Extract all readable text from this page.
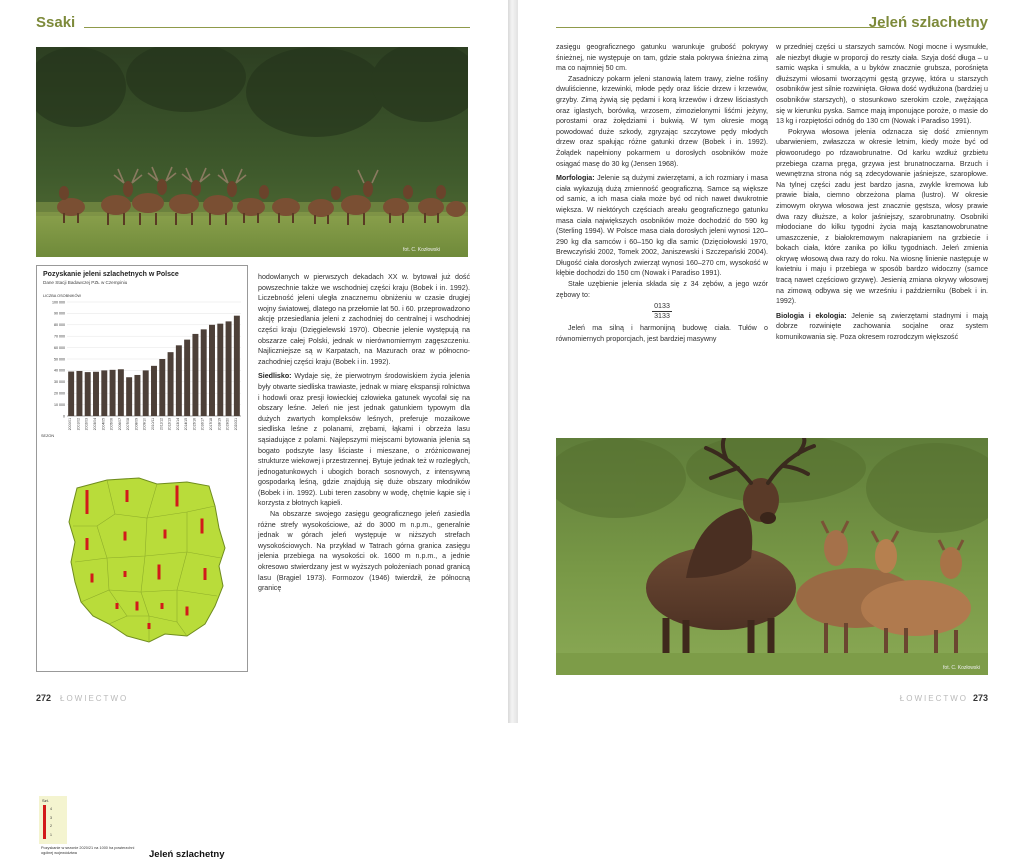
Ssaki
fot. C. Kozłowski
Pozyskanie jeleni szlachetnych w Polsce
Dane Stacji Badawczej PZŁ w Czempiniu
LICZBA OSOBNIKÓW
100 000
90 000
80 000
70 000
60 000
50 000
40 000
30 000
20 000
10 000
0
2000/01 2001/02 2002/03 2003/04 2004/05 2005/06 2006/07 2007/08 2008/09 2009/10 2010/11 2011/12 2012/13 2013/14 2014/15 2015/16 2016/17 2017/18 2018/19 2019/20 2020/21
SEZON
Szt.
4
3
2
1
Pozyskanie w sezonie 2020/21 na 1000 ha powierzchni ogólnej województwa	Jeleń szlachetny

hodowlanych w pierwszych dekadach XX w. bytował już dość powszechnie także we wschodniej części kraju (Bobek i in. 1992). Liczebność jeleni uległa znacznemu obniżeniu w czasie drugiej wojny światowej, dlatego na przełomie lat 50. i 60. przeprowadzono akcję przesiedlania jeleni z zachodniej do centralnej i wschodniej części kraju (Dzięgielewski 1970). Obecnie jelenie występują na obszarze całej Polski, jednak w nierównomiernym zagęszczeniu. Najliczniejsze są w Karpatach, na Mazurach oraz w północno-zachodniej części kraju (Bobek i in. 1992).

Siedlisko: Wydaje się, że pierwotnym środowiskiem życia jelenia były otwarte siedliska trawiaste, jednak w miarę ekspansji rolnictwa i hodowli oraz presji łowieckiej człowieka gatunek wycofał się na obszary leśne. Jeleń nie jest jednak gatunkiem typowym dla dużych zwartych kompleksów leśnych, preferuje mozaikowe siedliska leśne z polanami, zrębami, łąkami i obrzeża lasu sąsiadujące z polami. Najlepszymi miejscami bytowania jelenia są bogato podszyte lasy liściaste i mieszane, o zróżnicowanej strukturze wiekowej i przestrzennej. Bytuje jednak też w rozległych, jednogatunkowych i ubogich borach sosnowych, z intensywną gospodarką leśną, gdzie znajdują się duże obszary młodników (Bobek i in. 1992). Lubi teren zasobny w wodę, chętnie kąpie się i korzysta z błotnych kąpieli.

Na obszarze swojego zasięgu geograficznego jeleń zasiedla różne strefy wysokościowe, aż do 3000 m n.p.m., generalnie jednak w górach jeleń występuje w niższych strefach wysokościowych. Na przykład w Tatrach górna granica zasięgu jelenia przebiega na wysokości ok. 1600 m n.p.m., a jednie okresowo stwierdzany jest w wyższych położeniach ponad granicą lasu (Brągiel 1973). Formozov (1946) twierdził, że północną granicę

272 ŁOWIECTWO
Jeleń szlachetny

zasięgu geograficznego gatunku warunkuje grubość pokrywy śnieżnej, nie występuje on tam, gdzie stała pokrywa śnieżna zimą ma co najmniej 50 cm.

Zasadniczy pokarm jeleni stanowią latem trawy, zielne rośliny dwuliścienne, krzewinki, młode pędy oraz liście drzew i krzewów, grzyby. Zimą żywią się pędami i korą krzewów i drzew liściastych oraz iglastych, borówką, wrzosem, zimozielonymi liśćmi jeżyny, porostami oraz żołędziami i bukwią. W tym okresie mogą powodować duże szkody, zgryzając szczytowe pędy młodych drzew oraz spałując różne gatunki drzew (Bobek i in. 1992). Żołądek napełniony pokarmem u dorosłych osobników może osiągać masę do 30 kg (Jensen 1968).

Morfologia: Jelenie są dużymi zwierzętami, a ich rozmiary i masa ciała wykazują dużą zmienność geograficzną. Samce są większe od samic, a ich masa ciała może być od nich nawet dwukrotnie większa. W niektórych częściach areału geograficznego gatunku masa ciała największych osobników może dochodzić do 590 kg (Sterling 1994). W Polsce masa ciała dorosłych jeleni wynosi 120–290 kg dla samców i 60–150 kg dla samic (Dzięciołowski 1970, Brewczyński 2002, Tomek 2002, Janiszewski i Szczepański 2004). Długość ciała dorosłych zwierząt wynosi 160–270 cm, wysokość w kłębie dochodzi do 150 cm (Nowak i Paradiso 1991).

Stałe uzębienie jelenia składa się z 34 zębów, a jego wzór zębowy to:

0133
3133

Jeleń ma silną i harmonijną budowę ciała. Tułów o równomiernych proporcjach, jest bardziej masywny

w przedniej części u starszych samców. Nogi mocne i wysmukłe, ale niezbyt długie w proporcji do reszty ciała. Szyja dość długa – u samic wąska i smukła, a u byków znacznie grubsza, porośnięta dłuższymi włosami tworzącymi gęstą grzywę, która u starszych osobników jest silnie rozwinięta. Głowa dość wydłużona (bardziej u osobników starszych), o stosunkowo szerokim czole, zwężająca się w kierunku pyska. Samce mają imponujące poroże, o masie do 13 kg i rozpiętości odnóg do 130 cm (Nowak i Paradiso 1991).

Pokrywa włosowa jelenia odznacza się dość zmiennym ubarwieniem, zwłaszcza w okresie letnim, kiedy może być od płowoorudego po rdzawobrunatne. Od karku wzdłuż grzbietu przebiega czarna pręga, grzywa jest brunatnoczarna. Brzuch i wewnętrzna strona nóg są zdecydowanie jaśniejsze, szaropłowe. Na tylnej części zadu jest bardzo jasna, zwykle kremowa lub prawie biała, ciemno obrzeżona plama (lustro). W okresie zimowym okrywa włosowa jest znacznie gęstsza, włosy prawie dwa razy dłuższe, a kolor jaśniejszy, szarobrunatny. Osobniki młodociane do kilku tygodni życia mają kasztanowobrunatne umaszczenie, z białokremowym nakrapianiem na grzbiecie i bokach ciała, które zanika po kilku tygodniach. Jeleń zmienia okrywę włosową dwa razy do roku. Na wiosnę linienie następuje w kwietniu i maju i przebiega w sposób bardzo widoczny (samce tracą nawet częściowo grzywę). Jesienią zmiana okrywy włosowej na zimową odbywa się we wrześniu i październiku (Bobek i in. 1992).

Biologia i ekologia: Jelenie są zwierzętami stadnymi i mają dobrze rozwinięte zachowania socjalne oraz system komunikowania się. Poza okresem rozrodczym większość

fot. C. Kozłowski
ŁOWIECTWO 273
